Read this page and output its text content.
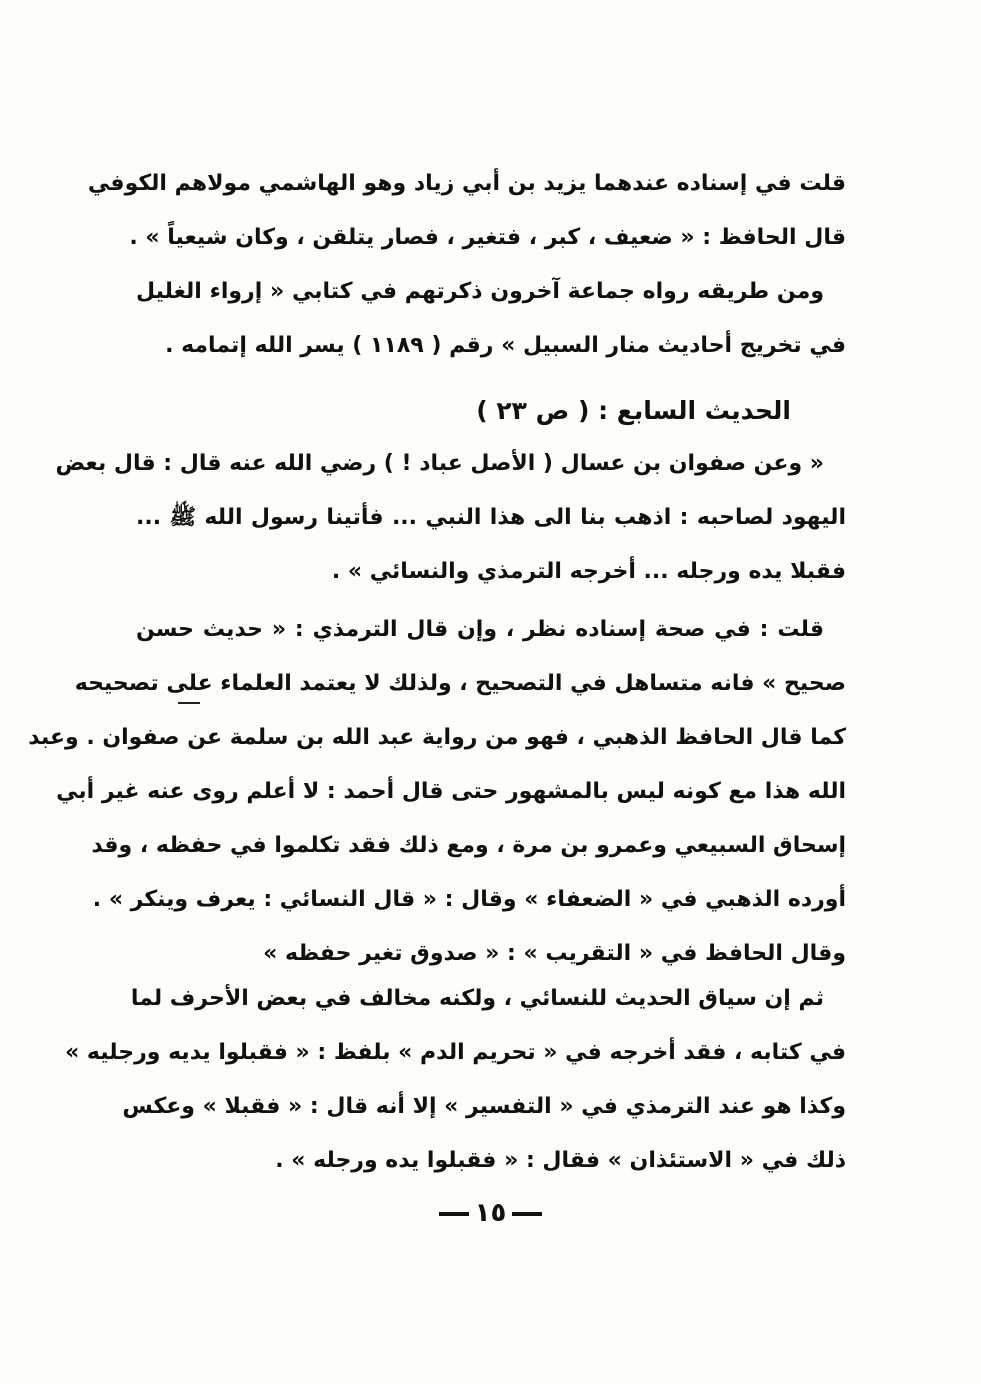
قلت في إسناده عندهما يزيد بن أبي زياد وهو الهاشمي مولاهم الكوفي
قال الحافظ : « ضعيف ، كبر ، فتغير ، فصار يتلقن ، وكان شيعياً » .
ومن طريقه رواه جماعة آخرون ذكرتهم في كتابي « إرواء الغليل
في تخريج أحاديث منار السبيل » رقم ( ١١٨٩ ) يسر الله إتمامه .
الحديث السابع : ( ص ٢٣ )
« وعن صفوان بن عسال ( الأصل عباد ! ) رضي الله عنه قال : قال بعض
اليهود لصاحبه : اذهب بنا الى هذا النبي ... فأتينا رسول الله ﷺ ...
فقبلا يده ورجله ... أخرجه الترمذي والنسائي » .
قلت : في صحة إسناده نظر ، وإن قال الترمذي : « حديث حسن
صحيح » فانه متساهل في التصحيح ، ولذلك لا يعتمد العلماء على تصحيحه
كما قال الحافظ الذهبي ، فهو من رواية عبد الله بن سلمة عن صفوان . وعبد
الله هذا مع كونه ليس بالمشهور حتى قال أحمد : لا أعلم روى عنه غير أبي
إسحاق السبيعي وعمرو بن مرة ، ومع ذلك فقد تكلموا في حفظه ، وقد
أورده الذهبي في « الضعفاء » وقال : « قال النسائي : يعرف وينكر » .
وقال الحافظ في « التقريب » : « صدوق تغير حفظه »
ثم إن سياق الحديث للنسائي ، ولكنه مخالف في بعض الأحرف لما
في كتابه ، فقد أخرجه في « تحريم الدم » بلفظ : « فقبلوا يديه ورجليه »
وكذا هو عند الترمذي في « التفسير » إلا أنه قال : « فقبلا » وعكس
ذلك في « الاستئذان » فقال : « فقبلوا يده ورجله » .
١٥
